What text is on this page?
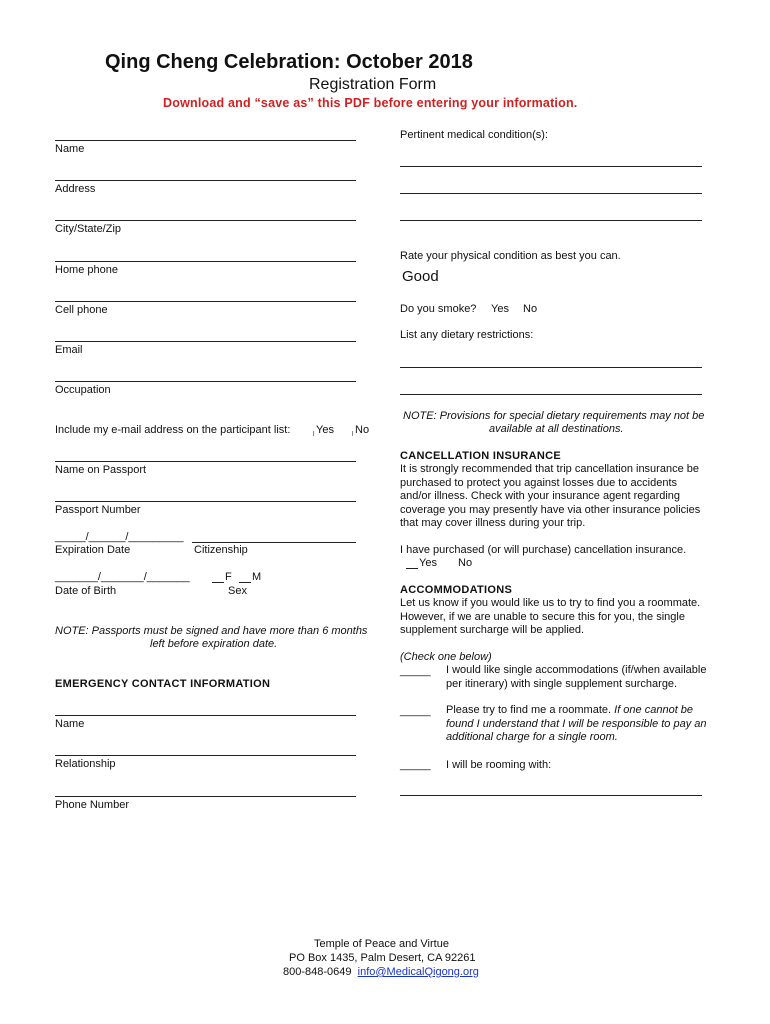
Qing Cheng Celebration: October 2018
Registration Form
Download and “save as” this PDF before entering your information.
Name
Address
City/State/Zip
Home phone
Cell phone
Email
Occupation
Include my e-mail address on the participant list: Yes No
Name on Passport
Passport Number
_____/______/_________
Expiration Date	Citizenship
_______/_______/_______	F M
Date of Birth	Sex
NOTE: Passports must be signed and have more than 6 months
left before expiration date.
EMERGENCY CONTACT INFORMATION
Name
Relationship
Phone Number
Pertinent medical condition(s):
Rate your physical condition as best you can.
Good
Do you smoke? Yes No
List any dietary restrictions:
NOTE: Provisions for special dietary requirements may not be
available at all destinations.
CANCELLATION INSURANCE
It is strongly recommended that trip cancellation insurance be
purchased to protect you against losses due to accidents
and/or illness. Check with your insurance agent regarding
coverage you may presently have via other insurance policies
that may cover illness during your trip.
I have purchased (or will purchase) cancellation insurance.
Yes No
ACCOMMODATIONS
Let us know if you would like us to try to find you a roommate.
However, if we are unable to secure this for you, the single
supplement surcharge will be applied.
(Check one below)
_____ I would like single accommodations (if/when available
per itinerary) with single supplement surcharge.
_____ Please try to find me a roommate. If one cannot be
found I understand that I will be responsible to pay an
additional charge for a single room.
_____ I will be rooming with:
Temple of Peace and Virtue
PO Box 1435, Palm Desert, CA 92261
800-848-0649 info@MedicalQigong.org
